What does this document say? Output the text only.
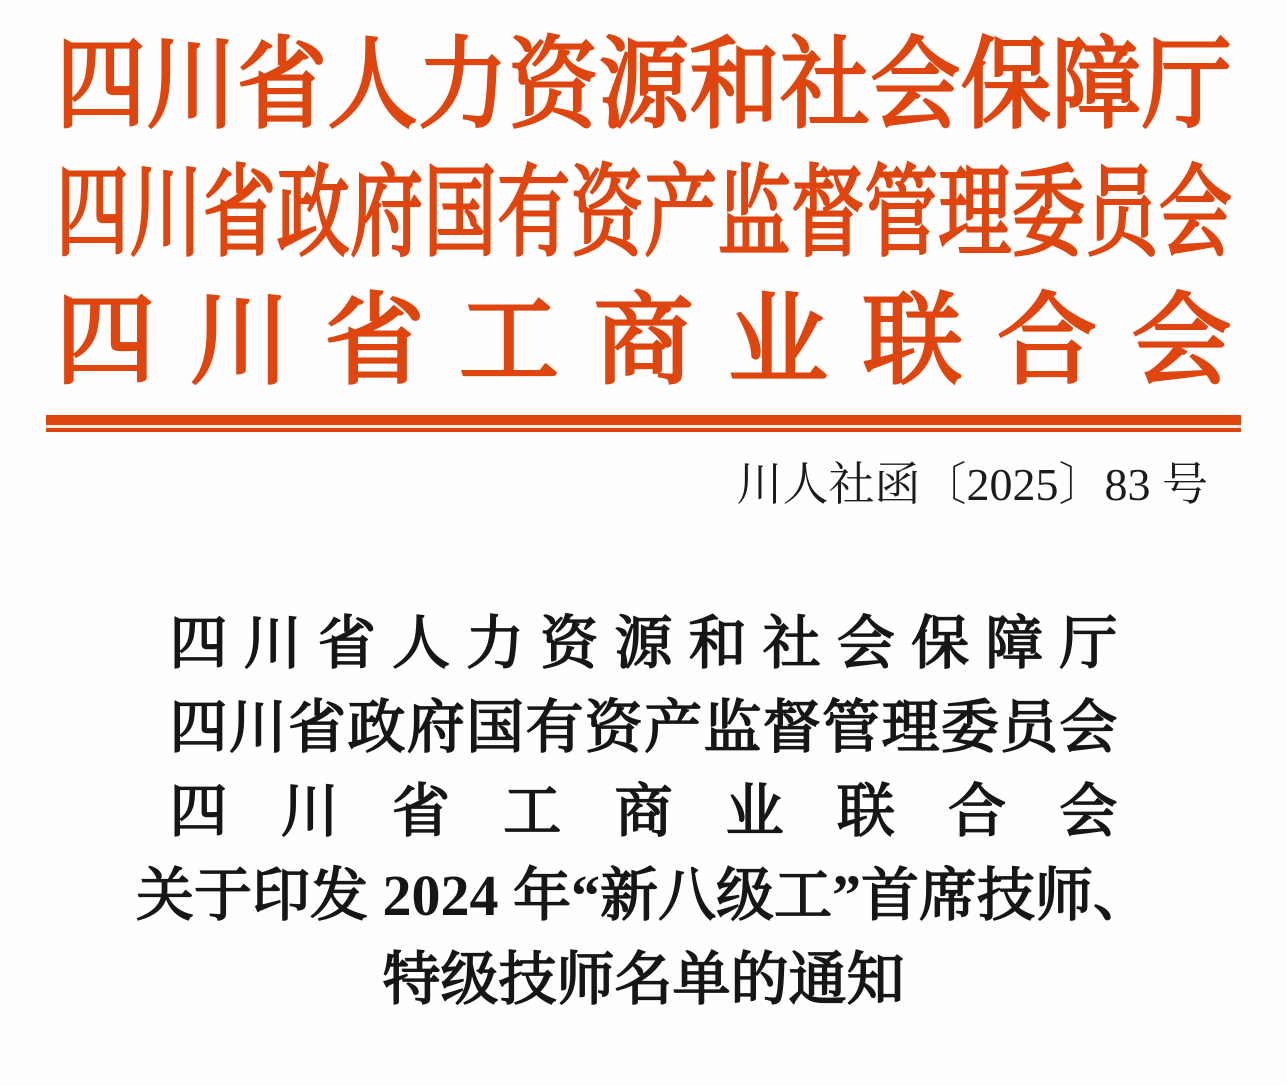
四 川 省 人 力 资 源 和 社 会 保 障 厅
四 川 省 政 府 国 有 资 产 监 督 管 理 委 员 会
四 川 省 工 商 业 联 合 会
川人社函〔2025〕83 号
四 川 省 人 力 资 源 和 社 会 保 障 厅
四 川 省 政 府 国 有 资 产 监 督 管 理 委 员 会
四 川 省 工 商 业 联 合 会
关于印发 2024 年“新八级工”首席技师、
特级技师名单的通知
